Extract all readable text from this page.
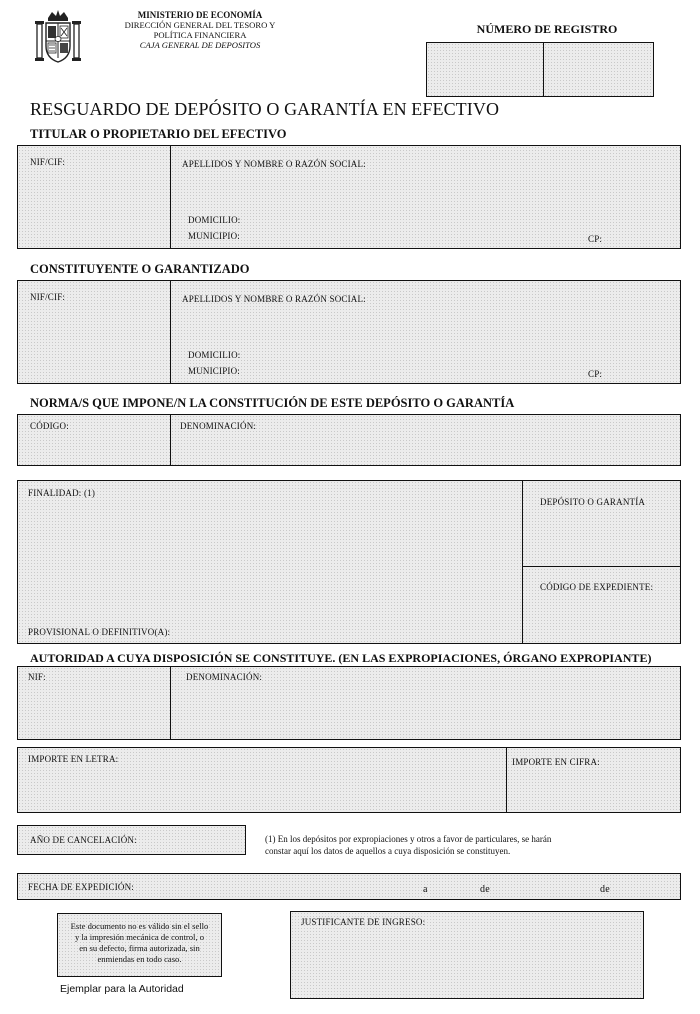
MINISTERIO DE ECONOMÍA
DIRECCIÓN GENERAL DEL TESORO Y
POLÍTICA FINANCIERA
CAJA GENERAL DE DEPOSITOS
NÚMERO DE REGISTRO
RESGUARDO DE DEPÓSITO O GARANTÍA EN EFECTIVO
TITULAR O PROPIETARIO DEL EFECTIVO
NIF/CIF:	APELLIDOS Y NOMBRE O RAZÓN SOCIAL:
DOMICILIO:
MUNICIPIO:	CP:
CONSTITUYENTE O GARANTIZADO
NIF/CIF:	APELLIDOS Y NOMBRE O RAZÓN SOCIAL:
DOMICILIO:
MUNICIPIO:	CP:
NORMA/S QUE IMPONE/N LA CONSTITUCIÓN DE ESTE DEPÓSITO O GARANTÍA
CÓDIGO:	DENOMINACIÓN:
FINALIDAD: (1)
DEPÓSITO O GARANTÍA
CÓDIGO DE EXPEDIENTE:
PROVISIONAL O DEFINITIVO(A):
AUTORIDAD A CUYA DISPOSICIÓN SE CONSTITUYE. (EN LAS EXPROPIACIONES, ÓRGANO EXPROPIANTE)
NIF:	DENOMINACIÓN:
IMPORTE EN LETRA:	IMPORTE EN CIFRA:
AÑO DE CANCELACIÓN:	(1) En los depósitos por expropiaciones y otros a favor de particulares, se harán
constar aquí los datos de aquellos a cuya disposición se constituyen.
FECHA DE EXPEDICIÓN:	a	de	de
Este documento no es válido sin el sello
y la impresión mecánica de control, o
en su defecto, firma autorizada, sin
enmiendas en todo caso.
Ejemplar para la Autoridad
JUSTIFICANTE DE INGRESO:
